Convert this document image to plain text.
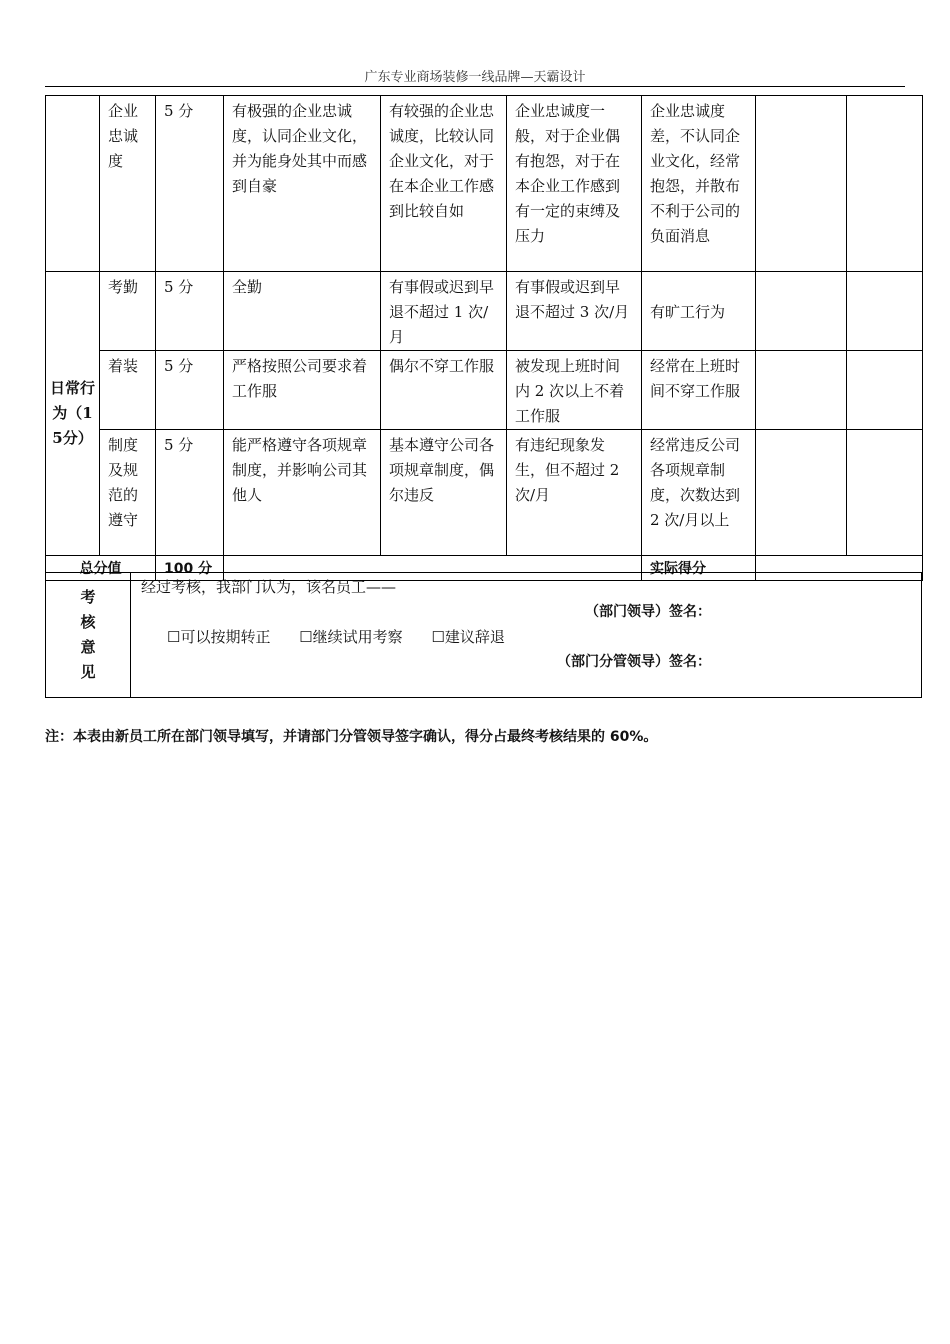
广东专业商场装修一线品牌—天霸设计
	企业忠诚度	5 分	有极强的企业忠诚度，认同企业文化，并为能身处其中而感到自豪	有较强的企业忠诚度，比较认同企业文化，对于在本企业工作感到比较自如	企业忠诚度一般，对于企业偶有抱怨，对于在本企业工作感到有一定的束缚及压力	企业忠诚度差，不认同企业文化，经常抱怨，并散布不利于公司的负面消息		
日常行为（15分）	考勤	5 分	全勤	有事假或迟到早退不超过 1 次/月	有事假或迟到早退不超过 3 次/月	有旷工行为		
	着装	5 分	严格按照公司要求着工作服	偶尔不穿工作服	被发现上班时间内 2 次以上不着工作服	经常在上班时间不穿工作服		
	制度及规范的遵守	5 分	能严格遵守各项规章制度，并影响公司其他人	基本遵守公司各项规章制度，偶尔违反	有违纪现象发生，但不超过 2 次/月	经常违反公司各项规章制度，次数达到 2 次/月以上		
总分值		100 分				实际得分		
考核意见	
经过考核，我部门认为，该名员工——
（部门领导）签名：
☐可以按期转正 ☐继续试用考察 ☐建议辞退
（部门分管领导）签名：
注：本表由新员工所在部门领导填写，并请部门分管领导签字确认，得分占最终考核结果的 60%。
